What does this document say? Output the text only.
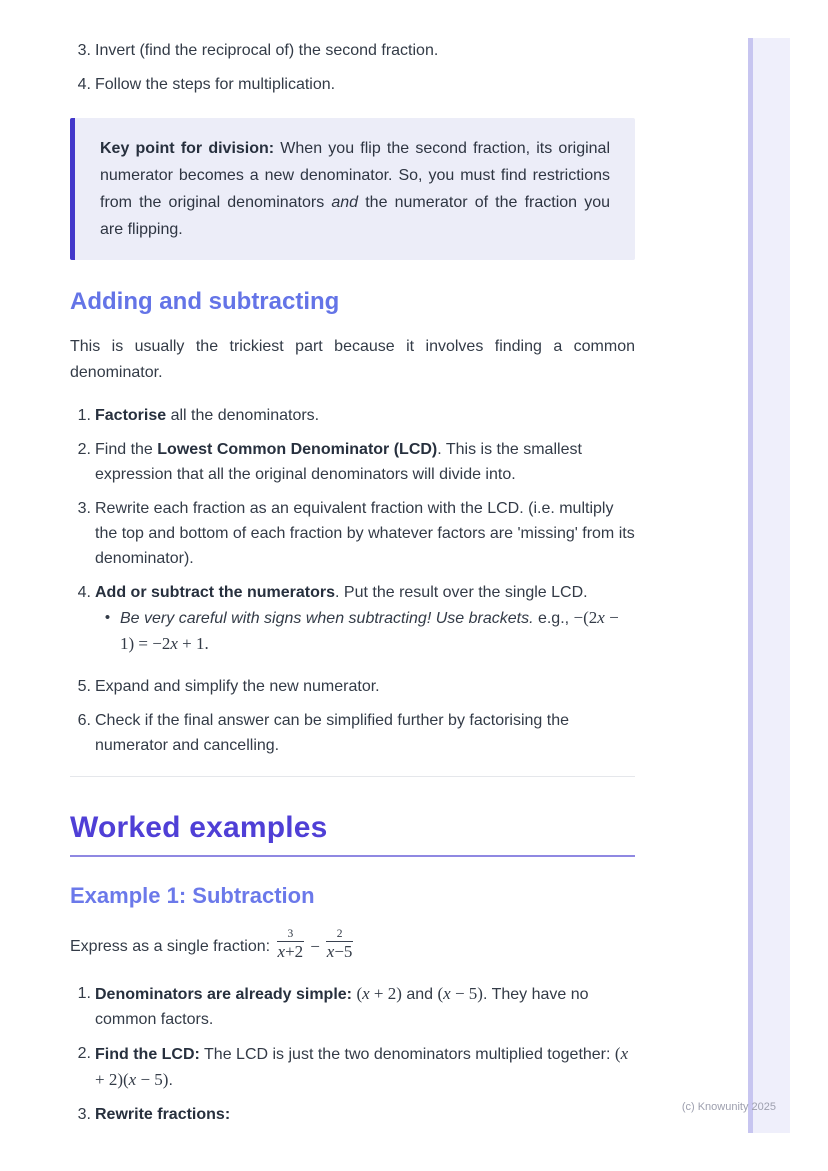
3. Invert (find the reciprocal of) the second fraction.
4. Follow the steps for multiplication.

Key point for division: When you flip the second fraction, its original numerator becomes a new denominator. So, you must find restrictions from the original denominators and the numerator of the fraction you are flipping.

Adding and subtracting

This is usually the trickiest part because it involves finding a common denominator.

1. Factorise all the denominators.
2. Find the Lowest Common Denominator (LCD). This is the smallest expression that all the original denominators will divide into.
3. Rewrite each fraction as an equivalent fraction with the LCD. (i.e. multiply the top and bottom of each fraction by whatever factors are 'missing' from its denominator).
4. Add or subtract the numerators. Put the result over the single LCD.
• Be very careful with signs when subtracting! Use brackets. e.g., −(2x − 1) = −2x + 1.
5. Expand and simplify the new numerator.
6. Check if the final answer can be simplified further by factorising the numerator and cancelling.
Worked examples
Example 1: Subtraction

Express as a single fraction: $\frac{3}{x+2} - \frac{2}{x-5}$

1. Denominators are already simple: (x + 2) and (x − 5). They have no common factors.
2. Find the LCD: The LCD is just the two denominators multiplied together: (x + 2)(x − 5).
3. Rewrite fractions:	(c) Knowunity 2025
